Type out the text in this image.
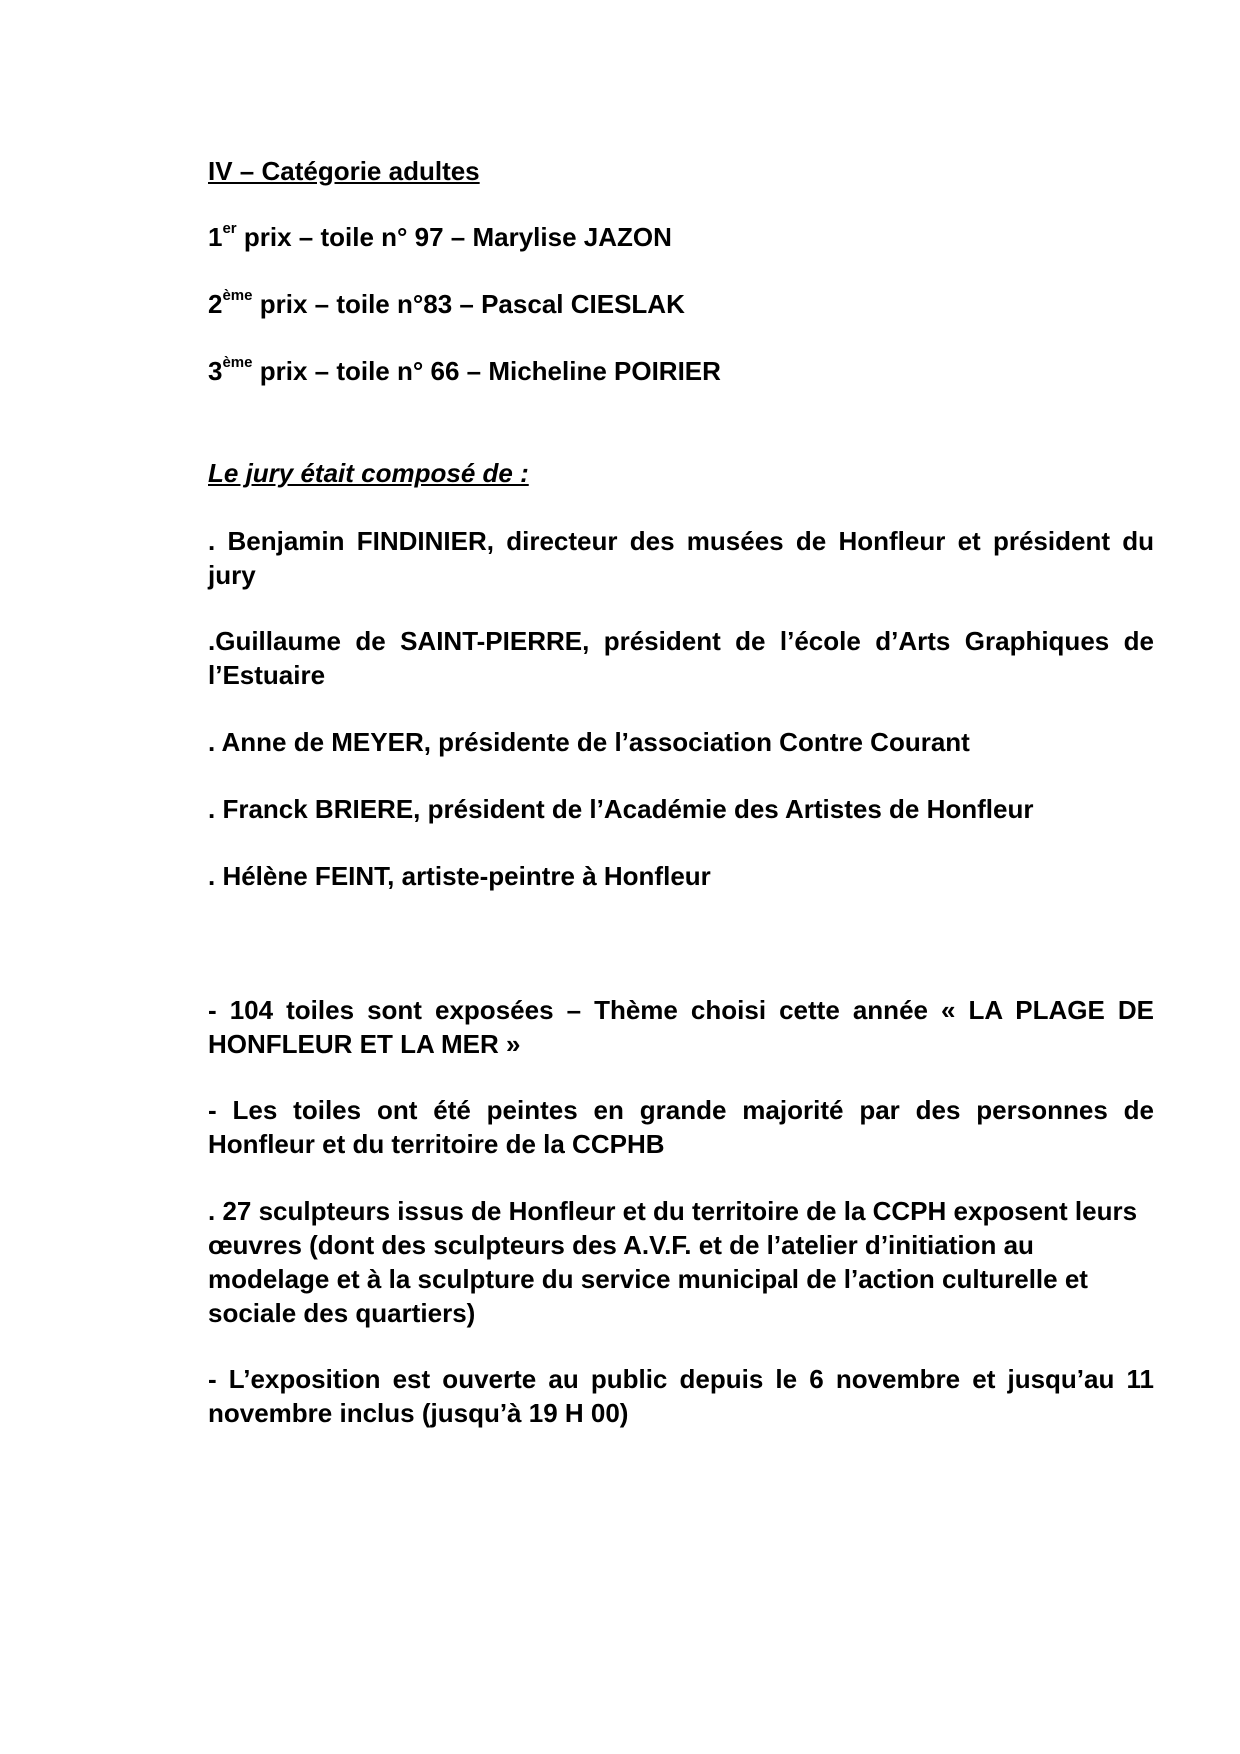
IV – Catégorie adultes

1er prix – toile n° 97 – Marylise JAZON

2ème prix – toile n°83 – Pascal CIESLAK

3ème prix – toile n° 66 – Micheline POIRIER

Le jury était composé de :

. Benjamin FINDINIER, directeur des musées de Honfleur et président du jury

.Guillaume de SAINT-PIERRE, président de l’école d’Arts Graphiques de l’Estuaire

. Anne de MEYER, présidente de l’association Contre Courant

. Franck BRIERE, président de l’Académie des Artistes de Honfleur

. Hélène FEINT, artiste-peintre à Honfleur

- 104 toiles sont exposées – Thème choisi cette année « LA PLAGE DE HONFLEUR ET LA MER »

- Les toiles ont été peintes en grande majorité par des personnes de Honfleur et du territoire de la CCPHB

. 27 sculpteurs issus de Honfleur et du territoire de la CCPH exposent leurs œuvres (dont des sculpteurs des A.V.F. et de l’atelier d’initiation au modelage et à la sculpture du service municipal de l’action culturelle et sociale des quartiers)

- L’exposition est ouverte au public depuis le 6 novembre et jusqu’au 11 novembre inclus (jusqu’à 19 H 00)
